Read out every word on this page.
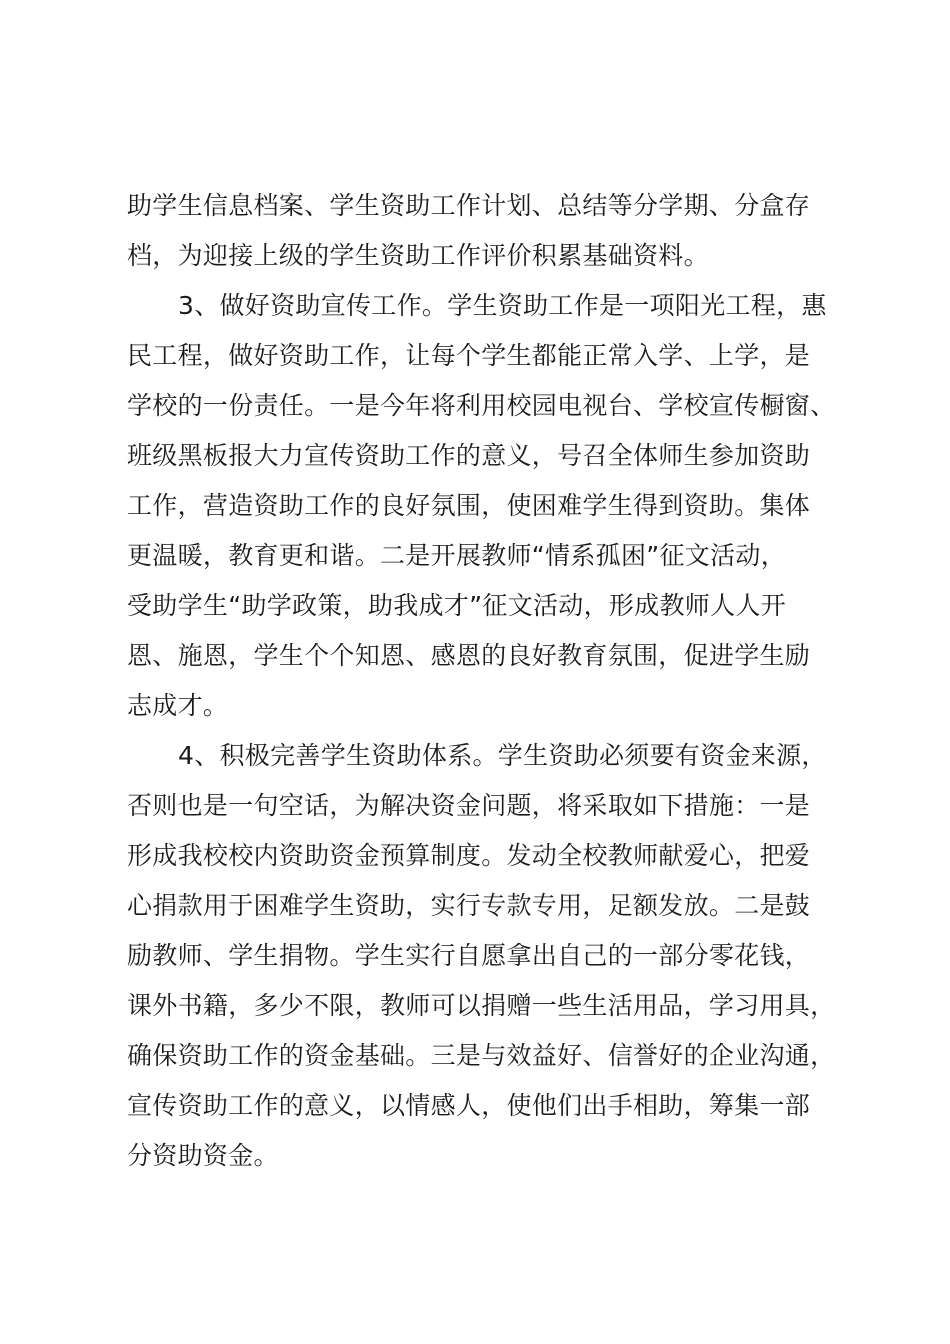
助学生信息档案、学生资助工作计划、总结等分学期、分盒存
档，为迎接上级的学生资助工作评价积累基础资料。
3、做好资助宣传工作。学生资助工作是一项阳光工程，惠
民工程，做好资助工作，让每个学生都能正常入学、上学，是
学校的一份责任。一是今年将利用校园电视台、学校宣传橱窗、
班级黑板报大力宣传资助工作的意义，号召全体师生参加资助
工作，营造资助工作的良好氛围，使困难学生得到资助。集体
更温暖，教育更和谐。二是开展教师“情系孤困”征文活动，
受助学生“助学政策，助我成才”征文活动，形成教师人人开
恩、施恩，学生个个知恩、感恩的良好教育氛围，促进学生励
志成才。
4、积极完善学生资助体系。学生资助必须要有资金来源，
否则也是一句空话，为解决资金问题，将采取如下措施：一是
形成我校校内资助资金预算制度。发动全校教师献爱心，把爱
心捐款用于困难学生资助，实行专款专用，足额发放。二是鼓
励教师、学生捐物。学生实行自愿拿出自己的一部分零花钱，
课外书籍，多少不限，教师可以捐赠一些生活用品，学习用具，
确保资助工作的资金基础。三是与效益好、信誉好的企业沟通，
宣传资助工作的意义，以情感人，使他们出手相助，筹集一部
分资助资金。
